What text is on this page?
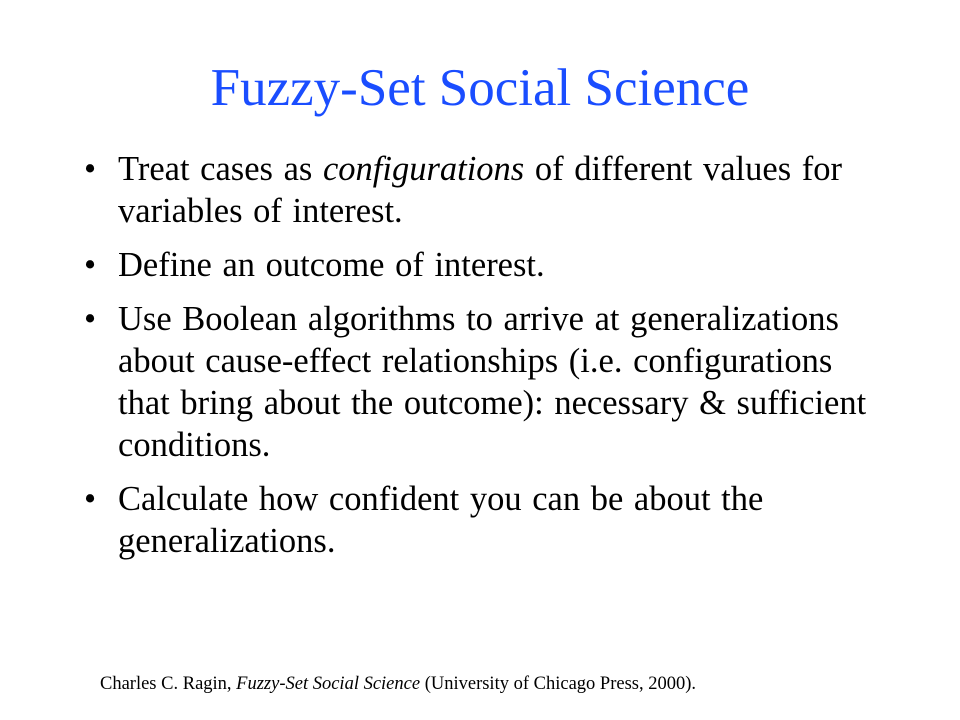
Fuzzy-Set Social Science
• Treat cases as configurations of different values for variables of interest.
• Define an outcome of interest.
• Use Boolean algorithms to arrive at generalizations about cause-effect relationships (i.e. configurations that bring about the outcome): necessary & sufficient conditions.
• Calculate how confident you can be about the generalizations.
Charles C. Ragin, Fuzzy-Set Social Science (University of Chicago Press, 2000).
